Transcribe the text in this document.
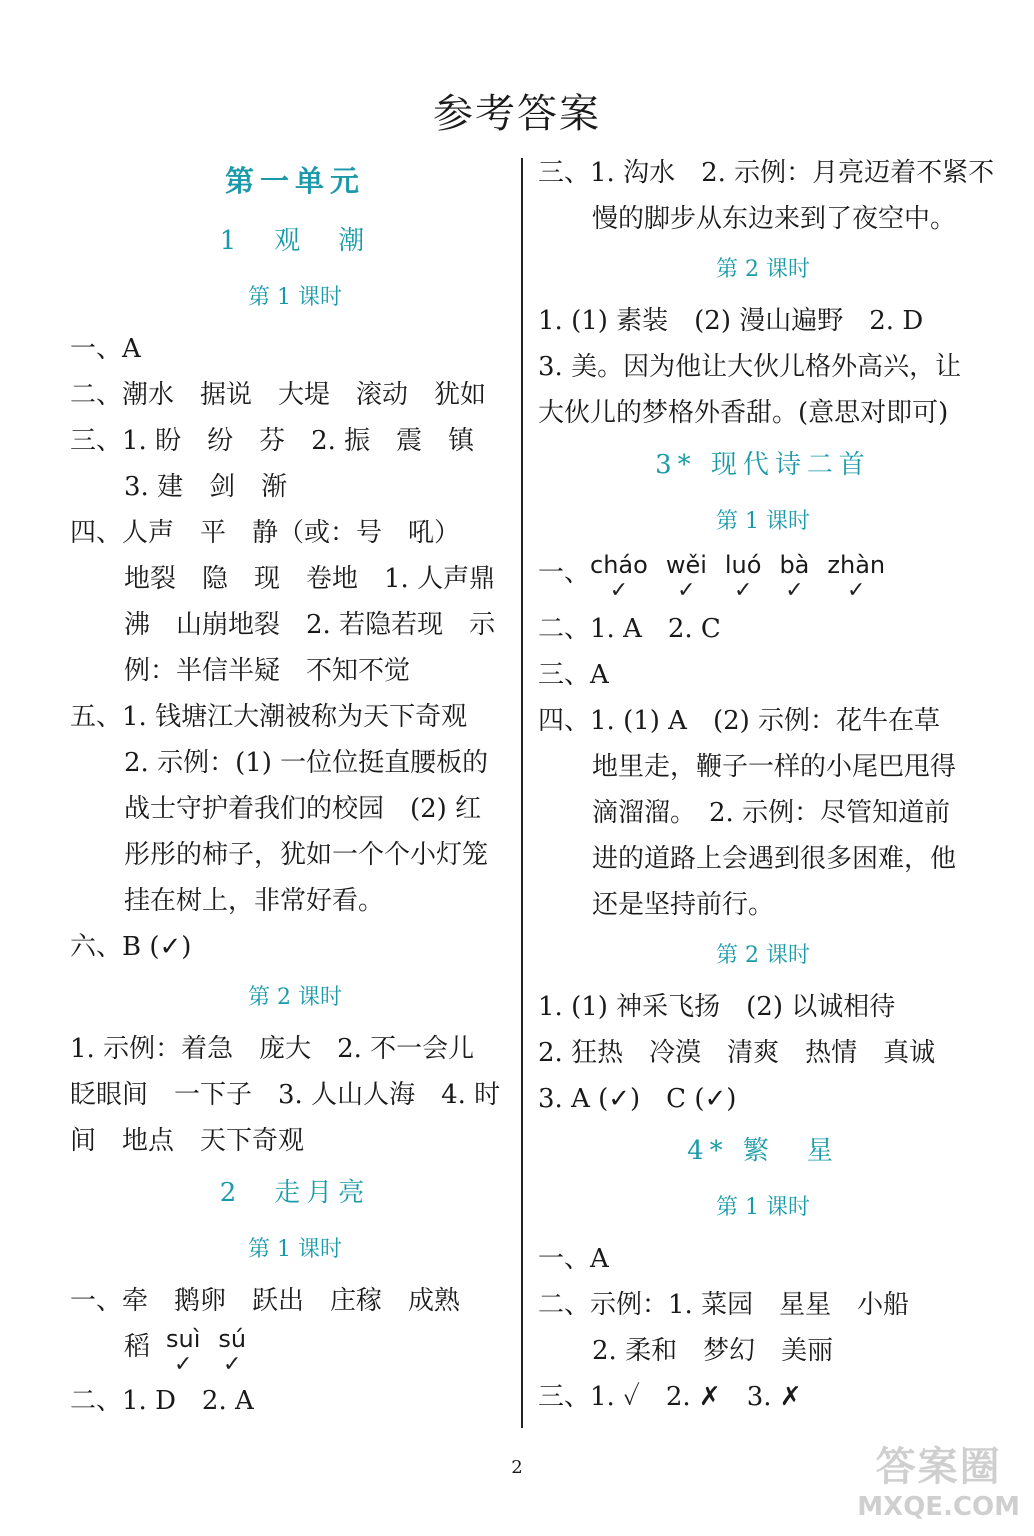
参考答案
第一单元
1　观　潮
第 1 课时
一、A
二、潮水　据说　大堤　滚动　犹如
三、1. 盼　纷　芬　2. 振　震　镇
3. 建　剑　渐
四、人声　平　静（或：号　吼）
地裂　隐　现　卷地　1. 人声鼎
沸　山崩地裂　2. 若隐若现　示
例：半信半疑　不知不觉
五、1. 钱塘江大潮被称为天下奇观
2. 示例：(1) 一位位挺直腰板的
战士守护着我们的校园　(2) 红
彤彤的柿子，犹如一个个小灯笼
挂在树上，非常好看。
六、B (✓)
第 2 课时
1. 示例：着急　庞大　2. 不一会儿
眨眼间　一下子　3. 人山人海　4. 时
间　地点　天下奇观
2　走月亮
第 1 课时
一、牵　鹅卵　跃出　庄稼　成熟
稻 suì
✓
sú
✓
二、1. D　2. A
三、1. 沟水　2. 示例：月亮迈着不紧不
慢的脚步从东边来到了夜空中。
第 2 课时
1. (1) 素装　(2) 漫山遍野　2. D
3. 美。因为他让大伙儿格外高兴，让
大伙儿的梦格外香甜。(意思对即可)
3* 现代诗二首
第 1 课时
一、 cháo
✓
wěi
✓
luó
✓
bà
✓
zhàn
✓
二、1. A　2. C
三、A
四、1. (1) A　(2) 示例：花牛在草
地里走，鞭子一样的小尾巴甩得
滴溜溜。　2. 示例：尽管知道前
进的道路上会遇到很多困难，他
还是坚持前行。
第 2 课时
1. (1) 神采飞扬　(2) 以诚相待
2. 狂热　冷漠　清爽　热情　真诚
3. A (✓)　C (✓)
4* 繁　星
第 1 课时
一、A
二、示例：1. 菜园　星星　小船
2. 柔和　梦幻　美丽
三、1. ✓　2. ✗　3. ✗
2	答案圈
MXQE.COM
